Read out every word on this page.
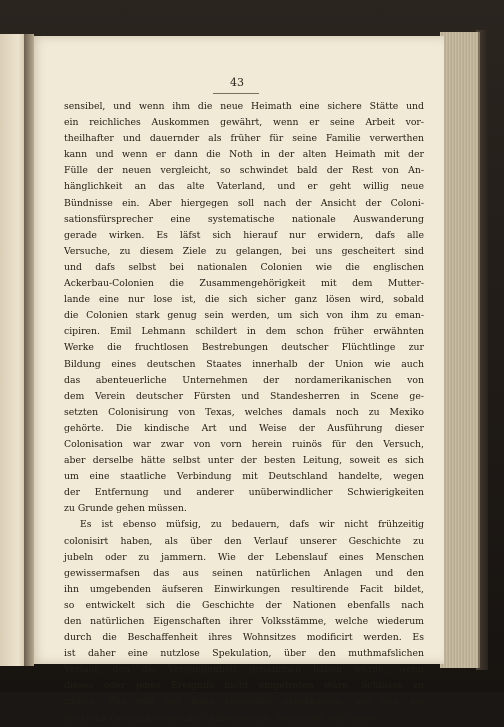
43
sensibel, und wenn ihm die neue Heimath eine sichere Stätte und
ein reichliches Auskommen gewährt, wenn er seine Arbeit vor-
theilhafter und dauernder als früher für seine Familie verwerthen
kann und wenn er dann die Noth in der alten Heimath mit der
Fülle der neuen vergleicht, so schwindet bald der Rest von An-
hänglichkeit an das alte Vaterland, und er geht willig neue
Bündnisse ein. Aber hiergegen soll nach der Ansicht der Coloni-
sationsfürsprecher eine systematische nationale Auswanderung
gerade wirken. Es läfst sich hierauf nur erwidern, dafs alle
Versuche, zu diesem Ziele zu gelangen, bei uns gescheitert sind
und dafs selbst bei nationalen Colonien wie die englischen
Ackerbau-Colonien die Zusammengehörigkeit mit dem Mutter-
lande eine nur lose ist, die sich sicher ganz lösen wird, sobald
die Colonien stark genug sein werden, um sich von ihm zu eman-
cipiren. Emil Lehmann schildert in dem schon früher erwähnten
Werke die fruchtlosen Bestrebungen deutscher Flüchtlinge zur
Bildung eines deutschen Staates innerhalb der Union wie auch
das abenteuerliche Unternehmen der nordamerikanischen von
dem Verein deutscher Fürsten und Standesherren in Scene ge-
setzten Colonisirung von Texas, welches damals noch zu Mexiko
gehörte. Die kindische Art und Weise der Ausführung dieser
Colonisation war zwar von vorn herein ruinös für den Versuch,
aber derselbe hätte selbst unter der besten Leitung, soweit es sich
um eine staatliche Verbindung mit Deutschland handelte, wegen
der Entfernung und anderer unüberwindlicher Schwierigkeiten
zu Grunde gehen müssen.
Es ist ebenso müfsig, zu bedauern, dafs wir nicht frühzeitig
colonisirt haben, als über den Verlauf unserer Geschichte zu
jubeln oder zu jammern. Wie der Lebenslauf eines Menschen
gewissermafsen das aus seinen natürlichen Anlagen und den
ihn umgebenden äufseren Einwirkungen resultirende Facit bildet,
so entwickelt sich die Geschichte der Nationen ebenfalls nach
den natürlichen Eigenschaften ihrer Volksstämme, welche wiederum
durch die Beschaffenheit ihres Wohnsitzes modificirt werden. Es
ist daher eine nutzlose Spekulation, über den muthmafslichen
Verlauf, den die Vergangenheit genommen haben würde, wenn
dieses oder jenes Ereignifs nicht eingetreten wäre, Schlüsse zu
ziehen. Wer will und kann rückwärts prophezeien, wie sich die
deutsche Geschichte gestaltet haben würde, wenn dies oder jenes
